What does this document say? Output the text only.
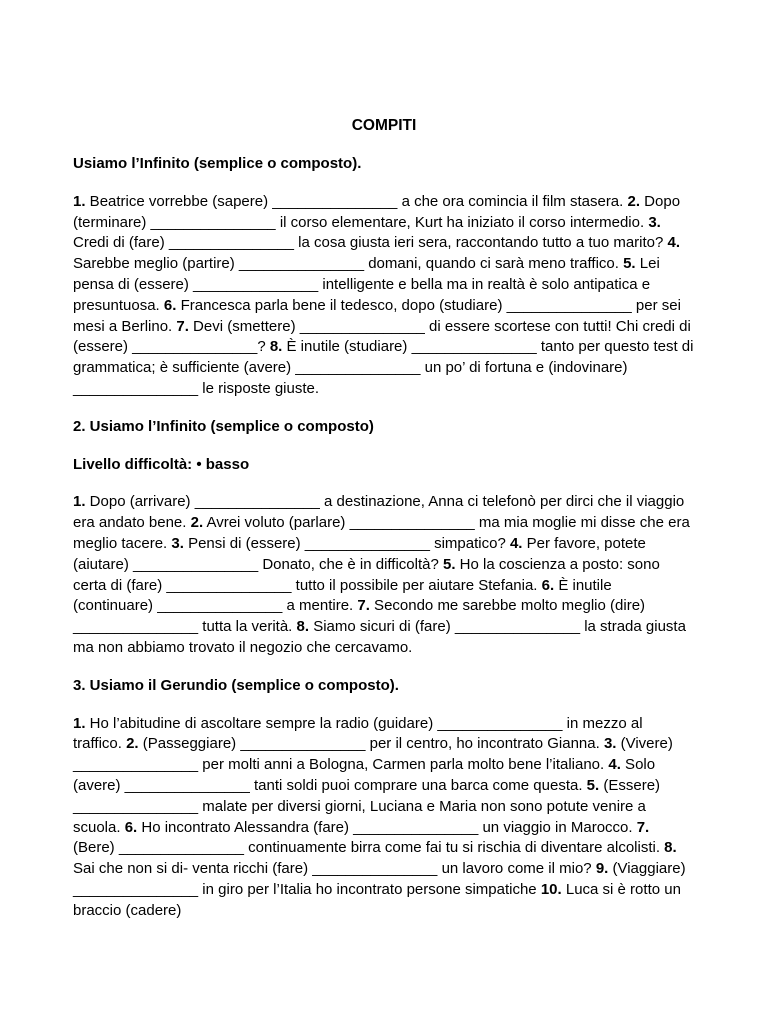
COMPITI
Usiamo l’Infinito (semplice o composto).
1. Beatrice vorrebbe (sapere) _______________ a che ora comincia il film stasera. 2. Dopo (terminare) _______________ il corso elementare, Kurt ha iniziato il corso intermedio. 3. Credi di (fare) _______________ la cosa giusta ieri sera, raccontando tutto a tuo marito? 4. Sarebbe meglio (partire) _______________ domani, quando ci sarà meno traffico. 5. Lei pensa di (essere) _______________ intelligente e bella ma in realtà è solo antipatica e presuntuosa. 6. Francesca parla bene il tedesco, dopo (studiare) _______________ per sei mesi a Berlino. 7. Devi (smettere) _______________ di essere scortese con tutti! Chi credi di (essere) _______________? 8. È inutile (studiare) _______________ tanto per questo test di grammatica; è sufficiente (avere) _______________ un po’ di fortuna e (indovinare) _______________ le risposte giuste.
2. Usiamo l’Infinito (semplice o composto)
Livello difficoltà: • basso
1. Dopo (arrivare) _______________ a destinazione, Anna ci telefonò per dirci che il viaggio era andato bene. 2. Avrei voluto (parlare) _______________ ma mia moglie mi disse che era meglio tacere. 3. Pensi di (essere) _______________ simpatico? 4. Per favore, potete (aiutare) _______________ Donato, che è in difficoltà? 5. Ho la coscienza a posto: sono certa di (fare) _______________ tutto il possibile per aiutare Stefania. 6. È inutile (continuare) _______________ a mentire. 7. Secondo me sarebbe molto meglio (dire) _______________ tutta la verità. 8. Siamo sicuri di (fare) _______________ la strada giusta ma non abbiamo trovato il negozio che cercavamo.
3. Usiamo il Gerundio (semplice o composto).
1. Ho l’abitudine di ascoltare sempre la radio (guidare) _______________ in mezzo al traffico. 2. (Passeggiare) _______________ per il centro, ho incontrato Gianna. 3. (Vivere) _______________ per molti anni a Bologna, Carmen parla molto bene l’italiano. 4. Solo (avere) _______________ tanti soldi puoi comprare una barca come questa. 5. (Essere) _______________ malate per diversi giorni, Luciana e Maria non sono potute venire a scuola. 6. Ho incontrato Alessandra (fare) _______________ un viaggio in Marocco. 7. (Bere) _______________ continuamente birra come fai tu si rischia di diventare alcolisti. 8. Sai che non si di- venta ricchi (fare) _______________ un lavoro come il mio? 9. (Viaggiare) _______________ in giro per l’Italia ho incontrato persone simpatiche 10. Luca si è rotto un braccio (cadere)
